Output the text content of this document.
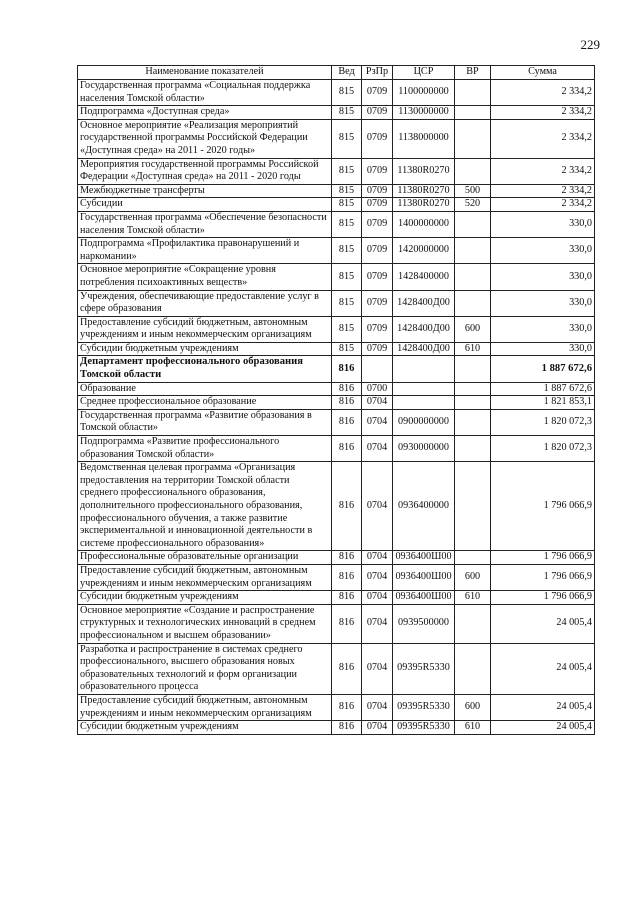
229
Наименование показателей	Вед	РзПр	ЦСР	ВР	Сумма
Государственная программа «Социальная поддержка населения Томской области»	815	0709	1100000000		2 334,2
Подпрограмма «Доступная среда»	815	0709	1130000000		2 334,2
Основное мероприятие «Реализация мероприятий государственной программы Российской Федерации «Доступная среда» на 2011 - 2020 годы»	815	0709	1138000000		2 334,2
Мероприятия государственной программы Российской Федерации «Доступная среда» на 2011 - 2020 годы	815	0709	11380R0270		2 334,2
Межбюджетные трансферты	815	0709	11380R0270	500	2 334,2
Субсидии	815	0709	11380R0270	520	2 334,2
Государственная программа «Обеспечение безопасности населения Томской области»	815	0709	1400000000		330,0
Подпрограмма «Профилактика правонарушений и наркомании»	815	0709	1420000000		330,0
Основное мероприятие «Сокращение уровня потребления психоактивных веществ»	815	0709	1428400000		330,0
Учреждения, обеспечивающие предоставление услуг в сфере образования	815	0709	1428400Д00		330,0
Предоставление субсидий бюджетным, автономным учреждениям и иным некоммерческим организациям	815	0709	1428400Д00	600	330,0
Субсидии бюджетным учреждениям	815	0709	1428400Д00	610	330,0
Департамент профессионального образования Томской области	816				1 887 672,6
Образование	816	0700			1 887 672,6
Среднее профессиональное образование	816	0704			1 821 853,1
Государственная программа «Развитие образования в Томской области»	816	0704	0900000000		1 820 072,3
Подпрограмма «Развитие профессионального образования Томской области»	816	0704	0930000000		1 820 072,3
Ведомственная целевая программа «Организация предоставления на территории Томской области среднего профессионального образования, дополнительного профессионального образования, профессионального обучения, а также развитие экспериментальной и инновационной деятельности в системе профессионального образования»	816	0704	0936400000		1 796 066,9
Профессиональные образовательные организации	816	0704	0936400Ш00		1 796 066,9
Предоставление субсидий бюджетным, автономным учреждениям и иным некоммерческим организациям	816	0704	0936400Ш00	600	1 796 066,9
Субсидии бюджетным учреждениям	816	0704	0936400Ш00	610	1 796 066,9
Основное мероприятие «Создание и распространение структурных и технологических инноваций в среднем профессиональном и высшем образовании»	816	0704	0939500000		24 005,4
Разработка и распространение в системах среднего профессионального, высшего образования новых образовательных технологий и форм организации образовательного процесса	816	0704	09395R5330		24 005,4
Предоставление субсидий бюджетным, автономным учреждениям и иным некоммерческим организациям	816	0704	09395R5330	600	24 005,4
Субсидии бюджетным учреждениям	816	0704	09395R5330	610	24 005,4
